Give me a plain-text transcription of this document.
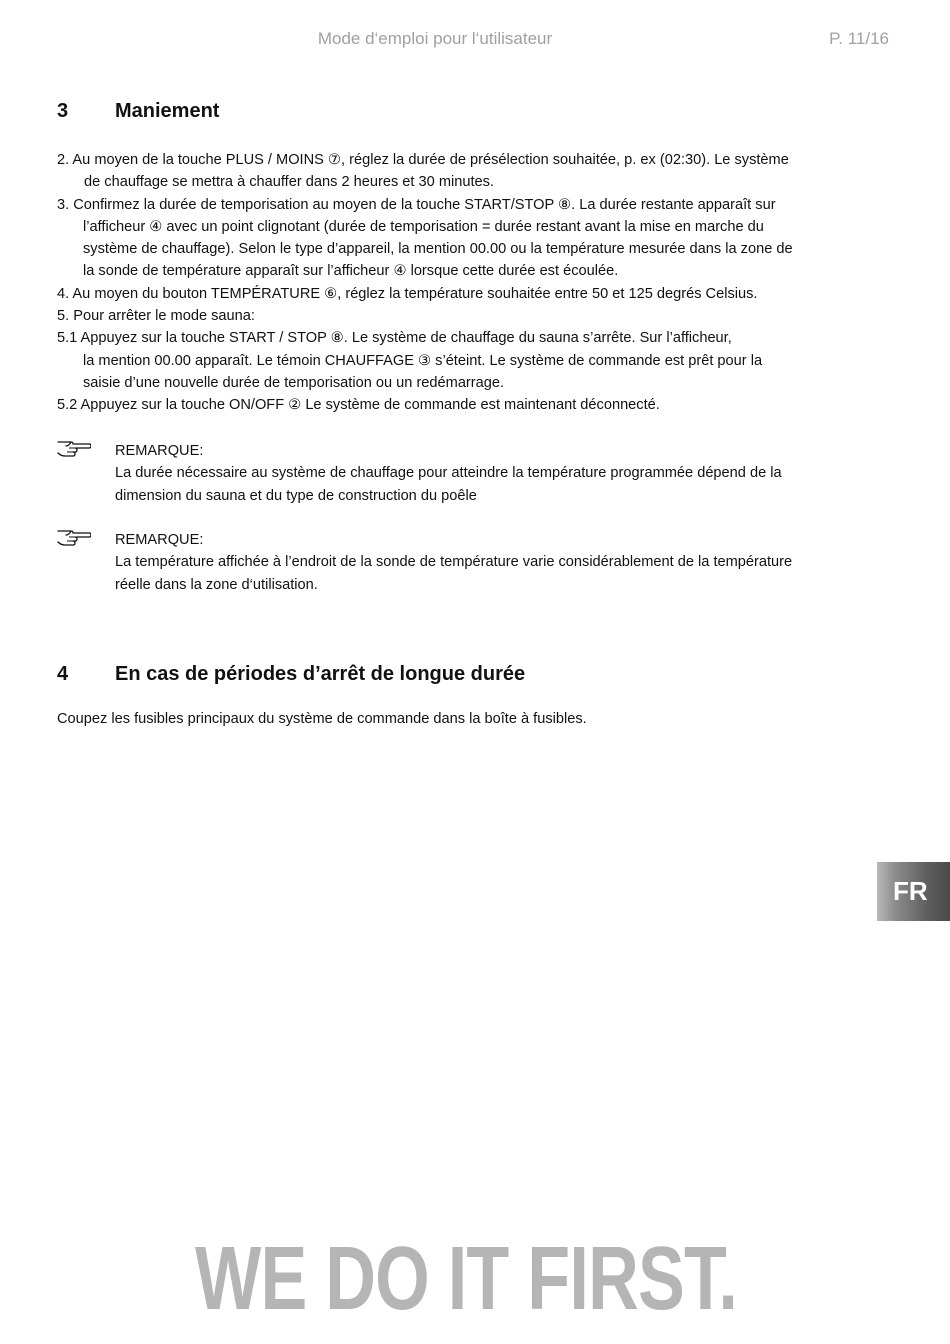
Mode d‘emploi pour l‘utilisateur	P. 11/16
3 Maniement
2. Au moyen de la touche PLUS / MOINS ⑦, réglez la durée de présélection souhaitée, p. ex (02:30). Le système
de chauffage se mettra à chauffer dans 2 heures et 30 minutes.
3. Confirmez la durée de temporisation au moyen de la touche START/STOP ⑧. La durée restante apparaît sur
l’afficheur ④ avec un point clignotant (durée de temporisation = durée restant avant la mise en marche du
système de chauffage). Selon le type d’appareil, la mention 00.00 ou la température mesurée dans la zone de
la sonde de température apparaît sur l’afficheur ④ lorsque cette durée est écoulée.
4. Au moyen du bouton TEMPÉRATURE ⑥, réglez la température souhaitée entre 50 et 125 degrés Celsius.
5. Pour arrêter le mode sauna:
5.1 Appuyez sur la touche START / STOP ⑧. Le système de chauffage du sauna s’arrête. Sur l’afficheur,
la mention 00.00 apparaît. Le témoin CHAUFFAGE ③ s’éteint. Le système de commande est prêt pour la
saisie d’une nouvelle durée de temporisation ou un redémarrage.
5.2 Appuyez sur la touche ON/OFF ② Le système de commande est maintenant déconnecté.
REMARQUE:
La durée nécessaire au système de chauffage pour atteindre la température programmée dépend de la
dimension du sauna et du type de construction du poêle
REMARQUE:
La température affichée à l’endroit de la sonde de température varie considérablement de la température
réelle dans la zone d‘utilisation.
4 En cas de périodes d’arrêt de longue durée
Coupez les fusibles principaux du système de commande dans la boîte à fusibles.
FR
WE DO IT FIRST.
